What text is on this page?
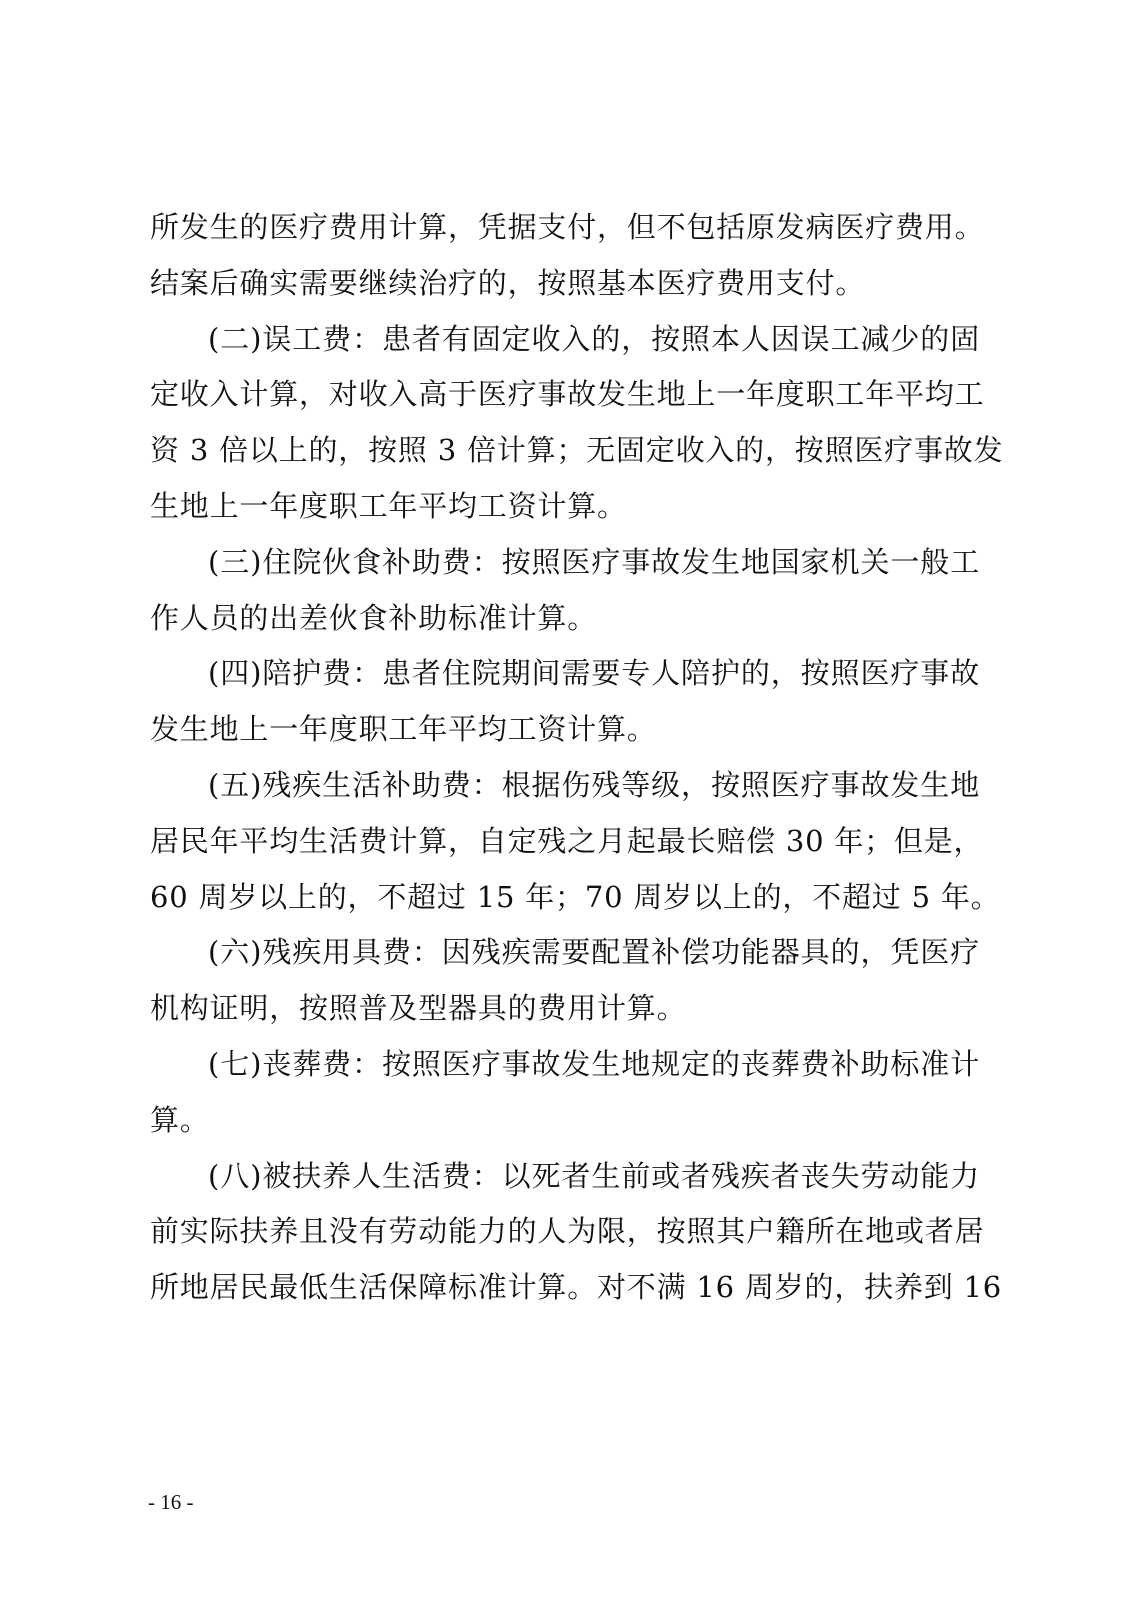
所发生的医疗费用计算，凭据支付，但不包括原发病医疗费用。
结案后确实需要继续治疗的，按照基本医疗费用支付。
(二)误工费：患者有固定收入的，按照本人因误工减少的固
定收入计算，对收入高于医疗事故发生地上一年度职工年平均工
资 3 倍以上的，按照 3 倍计算；无固定收入的，按照医疗事故发
生地上一年度职工年平均工资计算。
(三)住院伙食补助费：按照医疗事故发生地国家机关一般工
作人员的出差伙食补助标准计算。
(四)陪护费：患者住院期间需要专人陪护的，按照医疗事故
发生地上一年度职工年平均工资计算。
(五)残疾生活补助费：根据伤残等级，按照医疗事故发生地
居民年平均生活费计算，自定残之月起最长赔偿 30 年；但是，
60 周岁以上的，不超过 15 年；70 周岁以上的，不超过 5 年。
(六)残疾用具费：因残疾需要配置补偿功能器具的，凭医疗
机构证明，按照普及型器具的费用计算。
(七)丧葬费：按照医疗事故发生地规定的丧葬费补助标准计
算。
(八)被扶养人生活费：以死者生前或者残疾者丧失劳动能力
前实际扶养且没有劳动能力的人为限，按照其户籍所在地或者居
所地居民最低生活保障标准计算。对不满 16 周岁的，扶养到 16
- 16 -
